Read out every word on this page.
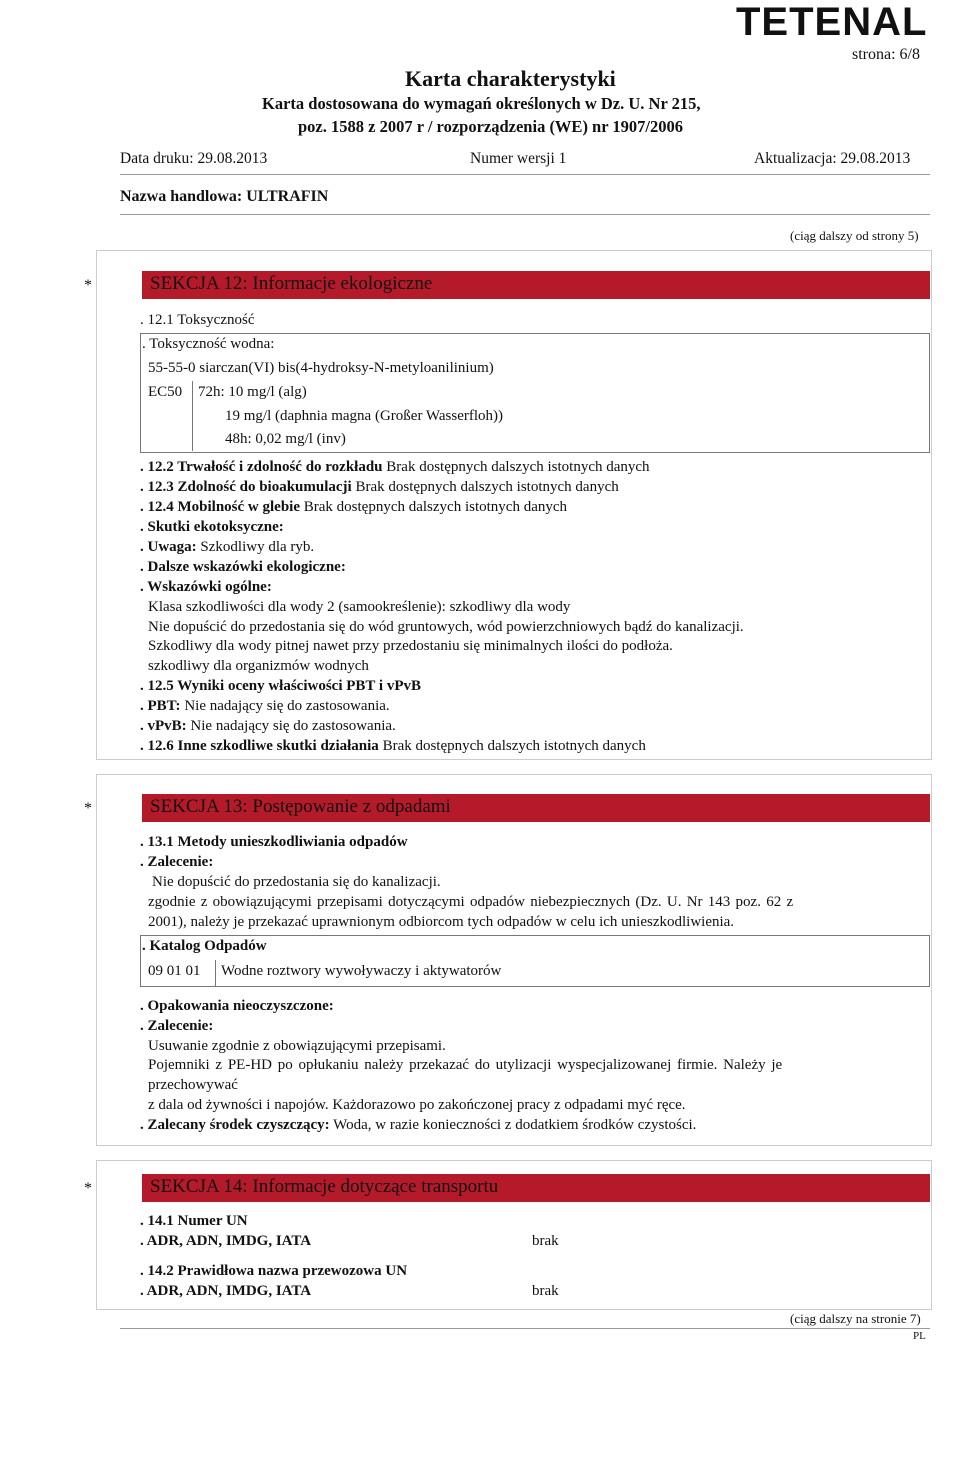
TETENAL
strona: 6/8
Karta charakterystyki
Karta dostosowana do wymagań określonych w Dz. U. Nr 215,
poz. 1588 z 2007 r / rozporządzenia (WE) nr 1907/2006
Data druku: 29.08.2013	Numer wersji 1	Aktualizacja: 29.08.2013
Nazwa handlowa: ULTRAFIN
(ciąg dalszy od strony 5)
*	SEKCJA 12: Informacje ekologiczne
. 12.1 Toksyczność
. Toksyczność wodna:
55-55-0 siarczan(VI) bis(4-hydroksy-N-metyloanilinium)
EC50 72h: 10 mg/l (alg)
19 mg/l (daphnia magna (Großer Wasserfloh))
48h: 0,02 mg/l (inv)
. 12.2 Trwałość i zdolność do rozkładu Brak dostępnych dalszych istotnych danych
. 12.3 Zdolność do bioakumulacji Brak dostępnych dalszych istotnych danych
. 12.4 Mobilność w glebie Brak dostępnych dalszych istotnych danych
. Skutki ekotoksyczne:
. Uwaga: Szkodliwy dla ryb.
. Dalsze wskazówki ekologiczne:
. Wskazówki ogólne:
Klasa szkodliwości dla wody 2 (samookreślenie): szkodliwy dla wody
Nie dopuścić do przedostania się do wód gruntowych, wód powierzchniowych bądź do kanalizacji.
Szkodliwy dla wody pitnej nawet przy przedostaniu się minimalnych ilości do podłoża.
szkodliwy dla organizmów wodnych
. 12.5 Wyniki oceny właściwości PBT i vPvB
. PBT: Nie nadający się do zastosowania.
. vPvB: Nie nadający się do zastosowania.
. 12.6 Inne szkodliwe skutki działania Brak dostępnych dalszych istotnych danych
*	SEKCJA 13: Postępowanie z odpadami
. 13.1 Metody unieszkodliwiania odpadów
. Zalecenie:
Nie dopuścić do przedostania się do kanalizacji.
zgodnie z obowiązującymi przepisami dotyczącymi odpadów niebezpiecznych (Dz. U. Nr 143 poz. 62 z
2001), należy je przekazać uprawnionym odbiorcom tych odpadów w celu ich unieszkodliwienia.
. Katalog Odpadów
09 01 01 Wodne roztwory wywoływaczy i aktywatorów
. Opakowania nieoczyszczone:
. Zalecenie:
Usuwanie zgodnie z obowiązującymi przepisami.
Pojemniki z PE-HD po opłukaniu należy przekazać do utylizacji wyspecjalizowanej firmie. Należy je
przechowywać
z dala od żywności i napojów. Każdorazowo po zakończonej pracy z odpadami myć ręce.
. Zalecany środek czyszczący: Woda, w razie konieczności z dodatkiem środków czystości.
*	SEKCJA 14: Informacje dotyczące transportu
. 14.1 Numer UN
. ADR, ADN, IMDG, IATA	brak
. 14.2 Prawidłowa nazwa przewozowa UN
. ADR, ADN, IMDG, IATA	brak
(ciąg dalszy na stronie 7)
PL
